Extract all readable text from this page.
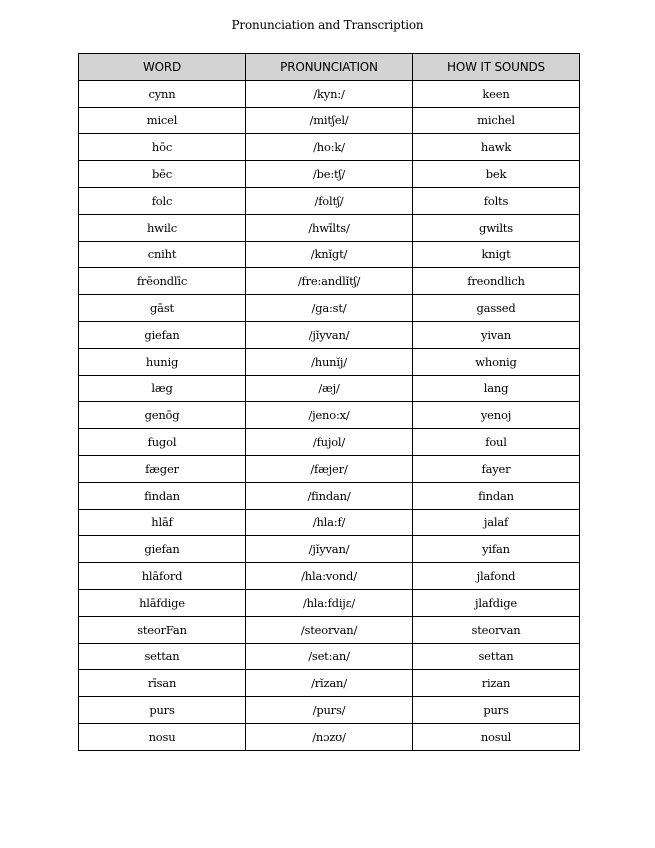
Pronunciation and Transcription
WORD	PRONUNCIATION	HOW IT SOUNDS
cynn	/kyn:/	keen
micel	/mitʃel/	michel
hōc	/ho:k/	hawk
bēc	/be:tʃ/	bek
folc	/foltʃ/	folts
hwilc	/hwīlts/	gwilts
cniht	/knĭgt/	knigt
frēondlīc	/fre:andlĭtʃ/	freondlich
gāst	/ga:st/	gassed
giefan	/jĭyvan/	yivan
hunig	/hunĭj/	whonig
læg	/æj/	lang
genōg	/jeno:x/	yenoj
fugol	/fujol/	foul
fæger	/fæjer/	fayer
findan	/findan/	findan
hlāf	/hla:f/	jalaf
giefan	/jĭyvan/	yifan
hlāford	/hla:vond/	jlafond
hlāfdige	/hla:fdijɛ/	jlafdige
steorFan	/steorvan/	steorvan
settan	/set:an/	settan
rīsan	/rĭzan/	rizan
purs	/purs/	purs
nosu	/nɔzʊ/	nosul
